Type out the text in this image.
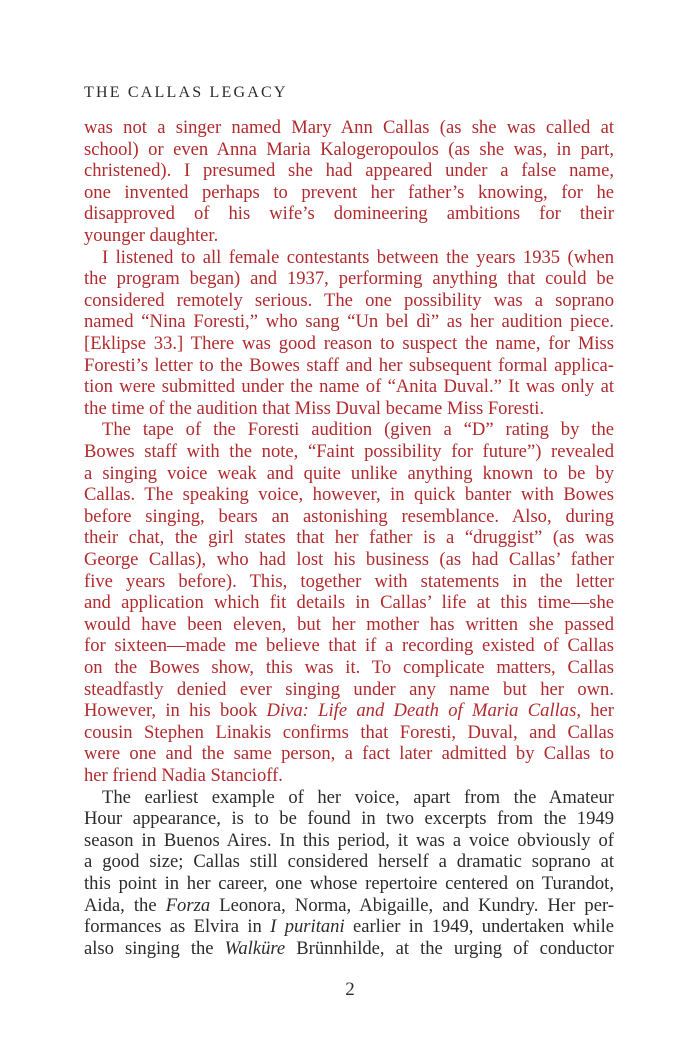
THE CALLAS LEGACY
was not a singer named Mary Ann Callas (as she was called at
school) or even Anna Maria Kalogeropoulos (as she was, in part,
christened). I presumed she had appeared under a false name,
one invented perhaps to prevent her father’s knowing, for he
disapproved of his wife’s domineering ambitions for their
younger daughter.
I listened to all female contestants between the years 1935 (when
the program began) and 1937, performing anything that could be
considered remotely serious. The one possibility was a soprano
named “Nina Foresti,” who sang “Un bel dì” as her audition piece.
[Eklipse 33.] There was good reason to suspect the name, for Miss
Foresti’s letter to the Bowes staff and her subsequent formal applica-
tion were submitted under the name of “Anita Duval.” It was only at
the time of the audition that Miss Duval became Miss Foresti.
The tape of the Foresti audition (given a “D” rating by the
Bowes staff with the note, “Faint possibility for future”) revealed
a singing voice weak and quite unlike anything known to be by
Callas. The speaking voice, however, in quick banter with Bowes
before singing, bears an astonishing resemblance. Also, during
their chat, the girl states that her father is a “druggist” (as was
George Callas), who had lost his business (as had Callas’ father
five years before). This, together with statements in the letter
and application which fit details in Callas’ life at this time—she
would have been eleven, but her mother has written she passed
for sixteen—made me believe that if a recording existed of Callas
on the Bowes show, this was it. To complicate matters, Callas
steadfastly denied ever singing under any name but her own.
However, in his book Diva: Life and Death of Maria Callas, her
cousin Stephen Linakis confirms that Foresti, Duval, and Callas
were one and the same person, a fact later admitted by Callas to
her friend Nadia Stancioff.
The earliest example of her voice, apart from the Amateur
Hour appearance, is to be found in two excerpts from the 1949
season in Buenos Aires. In this period, it was a voice obviously of
a good size; Callas still considered herself a dramatic soprano at
this point in her career, one whose repertoire centered on Turandot,
Aida, the Forza Leonora, Norma, Abigaille, and Kundry. Her per-
formances as Elvira in I puritani earlier in 1949, undertaken while
also singing the Walküre Brünnhilde, at the urging of conductor
2
